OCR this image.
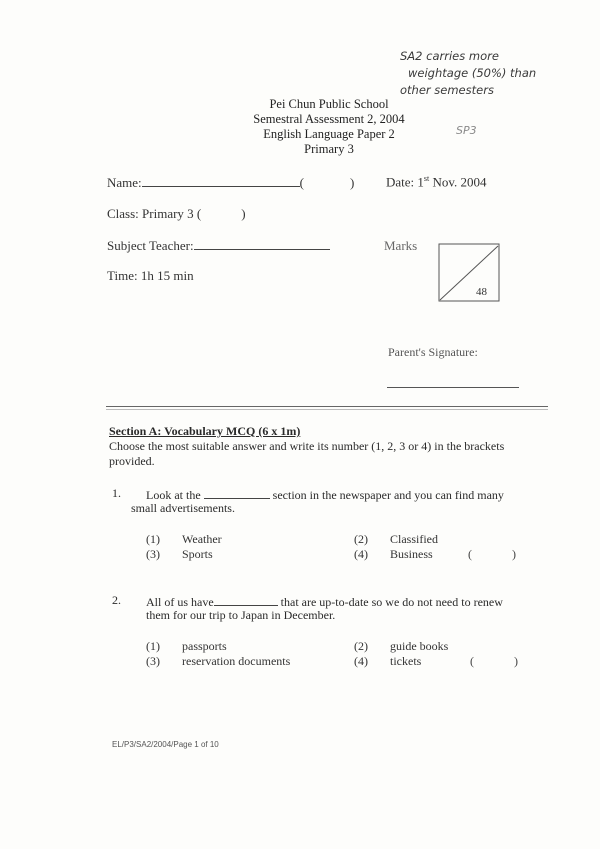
SA2 carries more
weightage (50%) than
other semesters
SP3
Pei Chun Public School
Semestral Assessment 2, 2004
English Language Paper 2
Primary 3
Name:	(	) Date: 1st Nov. 2004
Class: Primary 3 (	)
Subject Teacher:	Marks
48
Time: 1h 15 min
Parent's Signature:
Section A: Vocabulary MCQ (6 x 1m)
Choose the most suitable answer and write its number (1, 2, 3 or 4) in the brackets provided.
1. Look at the	section in the newspaper and you can find many
small advertisements.
(1) Weather	(2) Classified
(3) Sports	(4) Business	(	)
2. All of us have	that are up-to-date so we do not need to renew
them for our trip to Japan in December.
(1) passports	(2) guide books
(3) reservation documents	(4) tickets	(	)
EL/P3/SA2/2004/Page 1 of 10
